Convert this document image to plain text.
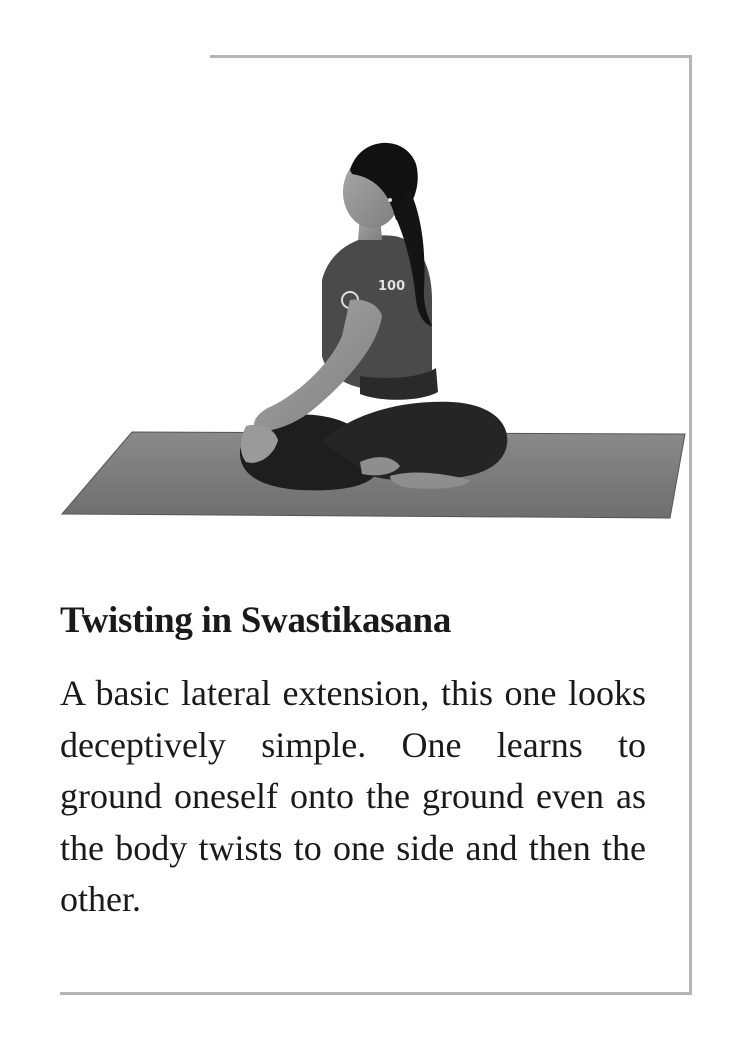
100
Twisting in Swastikasana

A basic lateral extension, this one looks deceptively simple. One learns to ground oneself onto the ground even as the body twists to one side and then the other.
